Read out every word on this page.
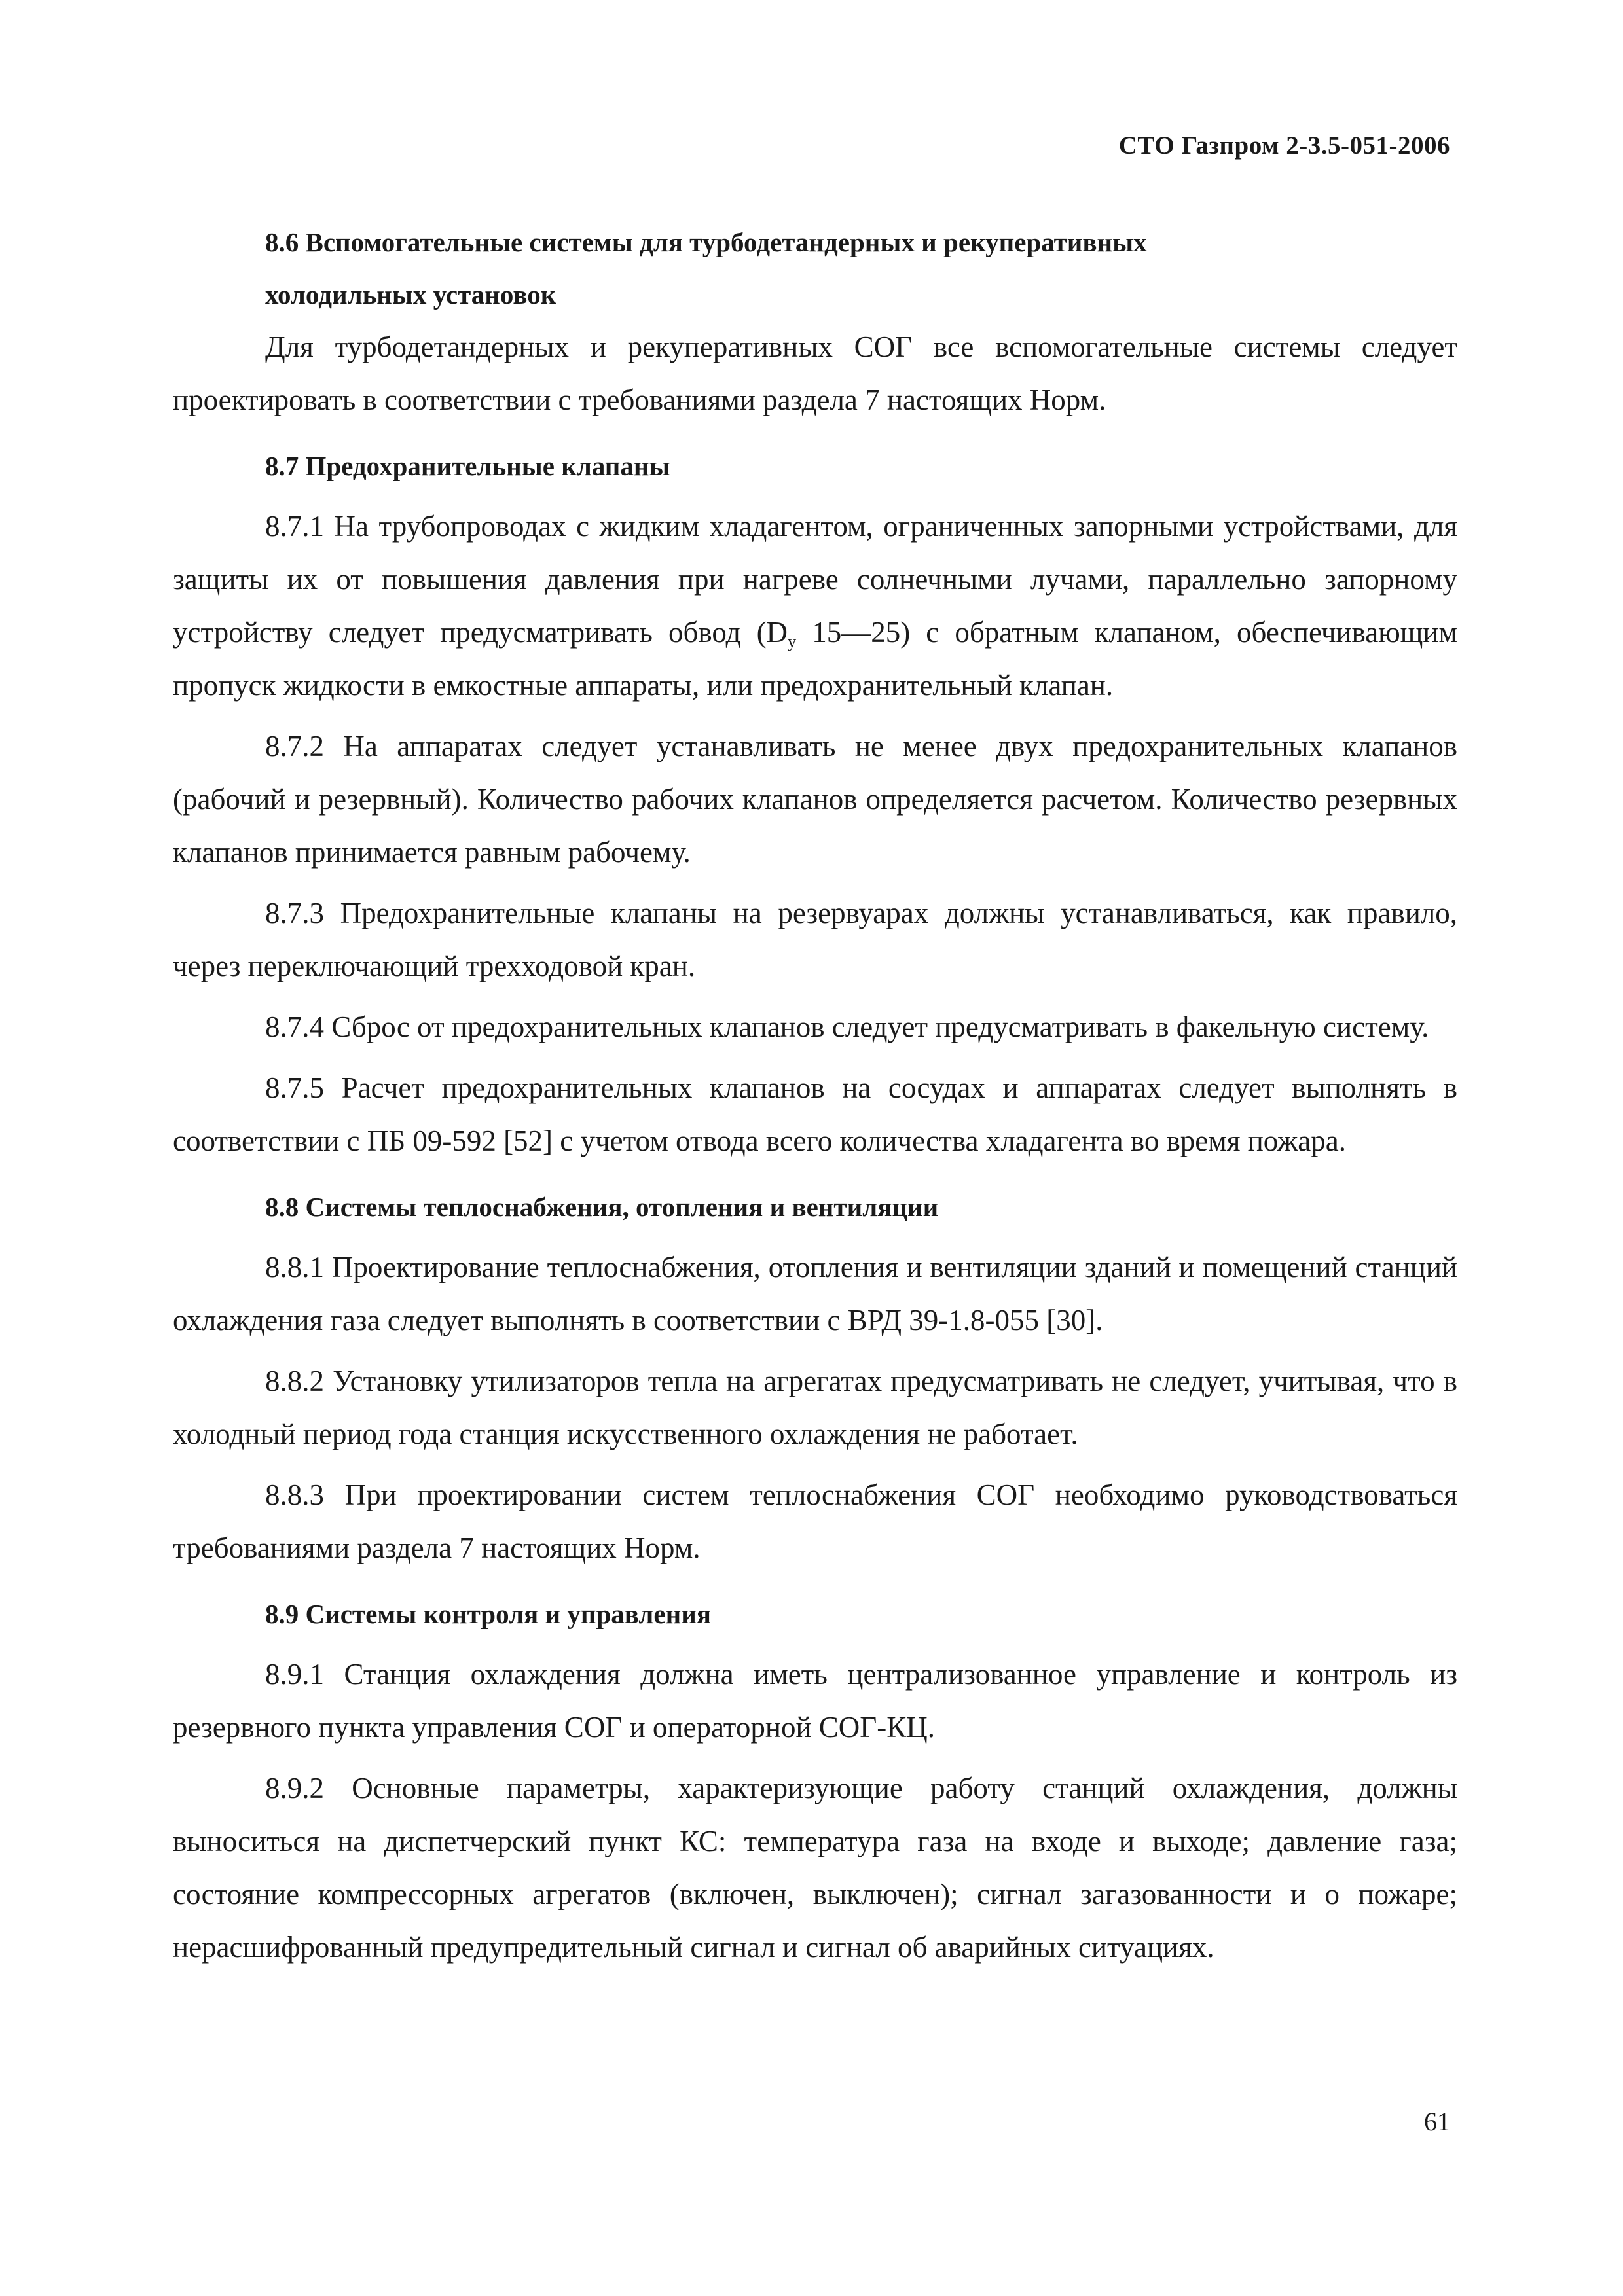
СТО Газпром 2-3.5-051-2006
8.6 Вспомогательные системы для турбодетандерных и рекуперативных
холодильных установок

Для турбодетандерных и рекуперативных СОГ все вспомогательные системы следует проектировать в соответствии с требованиями раздела 7 настоящих Норм.

8.7 Предохранительные клапаны

8.7.1 На трубопроводах с жидким хладагентом, ограниченных запорными устройствами, для защиты их от повышения давления при нагреве солнечными лучами, параллельно запорному устройству следует предусматривать обвод ($D_у$ 15—25) с обратным клапаном, обеспечивающим пропуск жидкости в емкостные аппараты, или предохранительный клапан.

8.7.2 На аппаратах следует устанавливать не менее двух предохранительных клапанов (рабочий и резервный). Количество рабочих клапанов определяется расчетом. Количество резервных клапанов принимается равным рабочему.

8.7.3 Предохранительные клапаны на резервуарах должны устанавливаться, как правило, через переключающий трехходовой кран.

8.7.4 Сброс от предохранительных клапанов следует предусматривать в факельную систему.

8.7.5 Расчет предохранительных клапанов на сосудах и аппаратах следует выполнять в соответствии с ПБ 09-592 [52] с учетом отвода всего количества хладагента во время пожара.

8.8 Системы теплоснабжения, отопления и вентиляции

8.8.1 Проектирование теплоснабжения, отопления и вентиляции зданий и помещений станций охлаждения газа следует выполнять в соответствии с ВРД 39-1.8-055 [30].

8.8.2 Установку утилизаторов тепла на агрегатах предусматривать не следует, учитывая, что в холодный период года станция искусственного охлаждения не работает.

8.8.3 При проектировании систем теплоснабжения СОГ необходимо руководствоваться требованиями раздела 7 настоящих Норм.

8.9 Системы контроля и управления

8.9.1 Станция охлаждения должна иметь централизованное управление и контроль из резервного пункта управления СОГ и операторной СОГ-КЦ.

8.9.2 Основные параметры, характеризующие работу станций охлаждения, должны выноситься на диспетчерский пункт КС: температура газа на входе и выходе; давление газа; состояние компрессорных агрегатов (включен, выключен); сигнал загазованности и о пожаре; нерасшифрованный предупредительный сигнал и сигнал об аварийных ситуациях.

61
